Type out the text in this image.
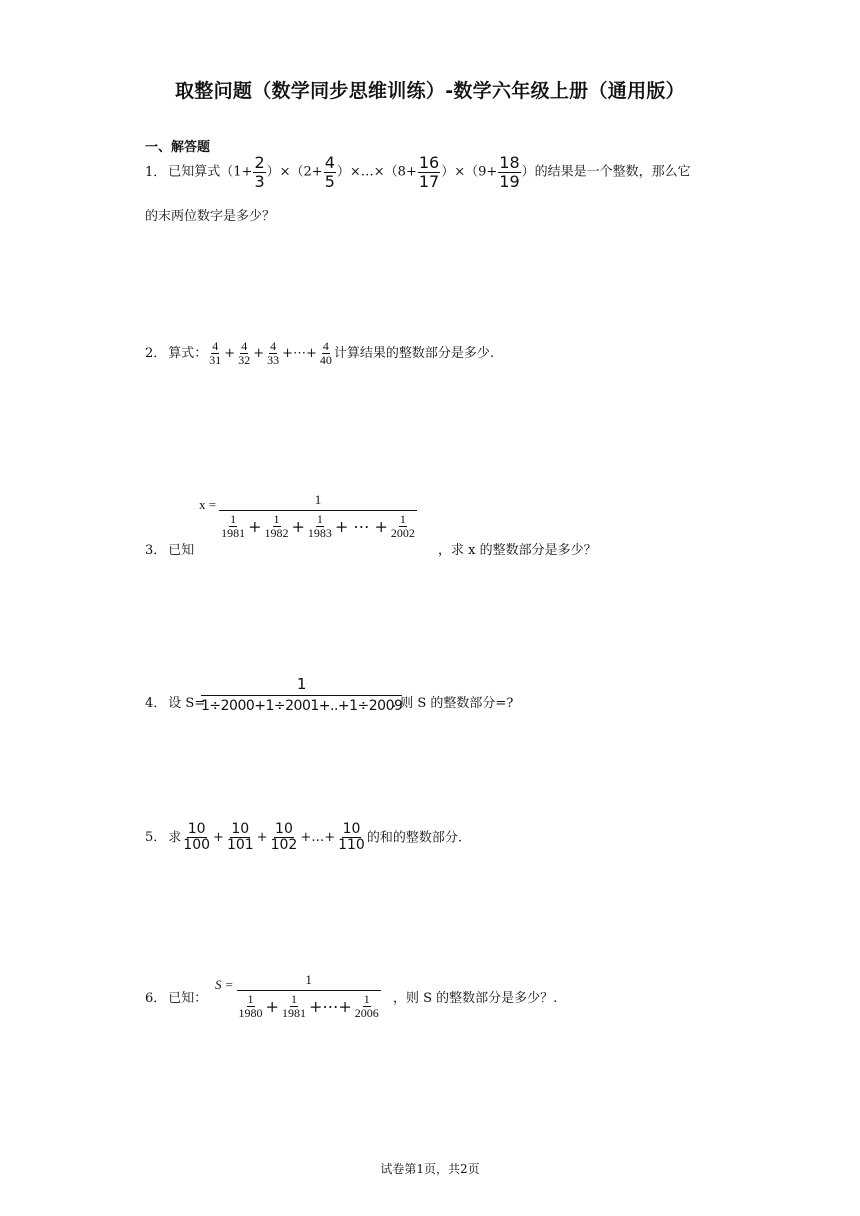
取整问题（数学同步思维训练）-数学六年级上册（通用版）
一、解答题
1． 已知算式$(1+ \frac{2}{3} )\times(2+ \frac{4}{5}$ ）×…×（8+ $\frac{16}{17} )\times(9+ \frac{18}{19}$ ）的结果是一个整数，那么它
的末两位数字是多少？
2． 算式： $\frac{4}{31} + \frac{4}{32} + \frac{4}{33}$ +⋯+ $\frac{4}{40}$ 计算结果的整数部分是多少.
3． 已知
x =	1
$\frac{1}{1981} + \frac{1}{1982} + \frac{1}{1983}$ + ⋯ + $\frac{1}{2002}$
，求 x 的整数部分是多少？
4． 设 S=
$\frac{1}{1\div 2000+1\div 2001+..+1\div 2009}$
. 则 S 的整数部分=?
5． 求 $\frac{10}{100} + \frac{10}{101} + \frac{10}{102}$ +…+ $\frac{10}{110}$ 的和的整数部分.
6． 已知：
S =	1
$\frac{1}{1980} + \frac{1}{1981}$ +⋯+ $\frac{1}{2006}$ ，则 S 的整数部分是多少？.
试卷第1页，共2页
